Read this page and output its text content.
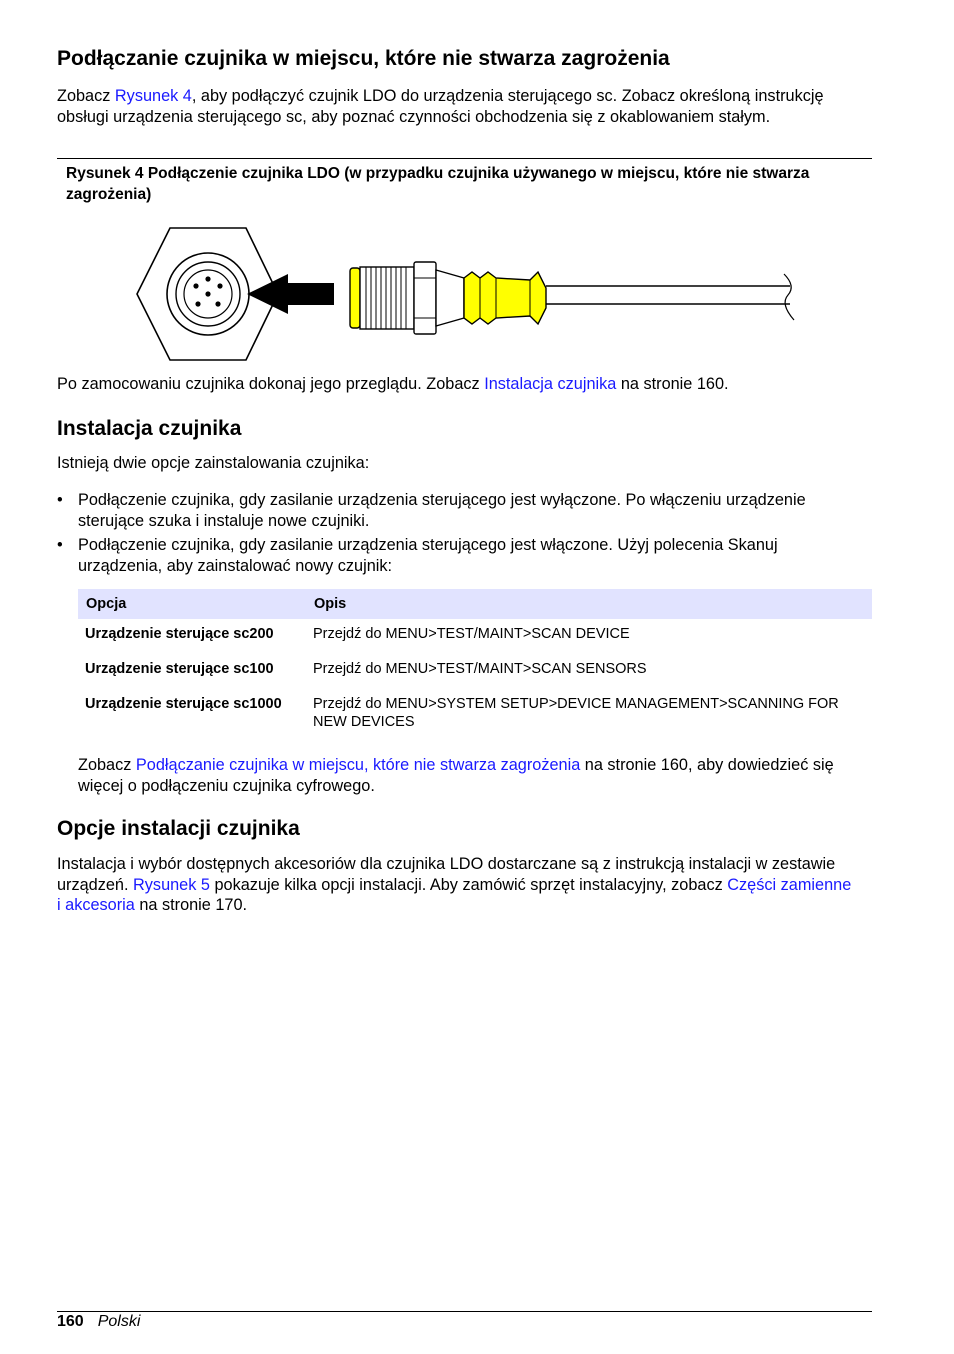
Podłączanie czujnika w miejscu, które nie stwarza zagrożenia

Zobacz Rysunek 4, aby podłączyć czujnik LDO do urządzenia sterującego sc. Zobacz określoną instrukcję obsługi urządzenia sterującego sc, aby poznać czynności obchodzenia się z okablowaniem stałym.

Rysunek 4 Podłączenie czujnika LDO (w przypadku czujnika używanego w miejscu, które nie stwarza zagrożenia)

Po zamocowaniu czujnika dokonaj jego przeglądu. Zobacz Instalacja czujnika na stronie 160.

Instalacja czujnika

Istnieją dwie opcje zainstalowania czujnika:

• Podłączenie czujnika, gdy zasilanie urządzenia sterującego jest wyłączone. Po włączeniu urządzenie sterujące szuka i instaluje nowe czujniki.
• Podłączenie czujnika, gdy zasilanie urządzenia sterującego jest włączone. Użyj polecenia Skanuj urządzenia, aby zainstalować nowy czujnik:
Opcja	Opis
Urządzenie sterujące sc200	Przejdź do MENU>TEST/MAINT>SCAN DEVICE
Urządzenie sterujące sc100	Przejdź do MENU>TEST/MAINT>SCAN SENSORS
Urządzenie sterujące sc1000	Przejdź do MENU>SYSTEM SETUP>DEVICE MANAGEMENT>SCANNING FOR NEW DEVICES

Zobacz Podłączanie czujnika w miejscu, które nie stwarza zagrożenia na stronie 160, aby dowiedzieć się więcej o podłączeniu czujnika cyfrowego.

Opcje instalacji czujnika

Instalacja i wybór dostępnych akcesoriów dla czujnika LDO dostarczane są z instrukcją instalacji w zestawie urządzeń. Rysunek 5 pokazuje kilka opcji instalacji. Aby zamówić sprzęt instalacyjny, zobacz Części zamienne i akcesoria na stronie 170.

160 Polski
